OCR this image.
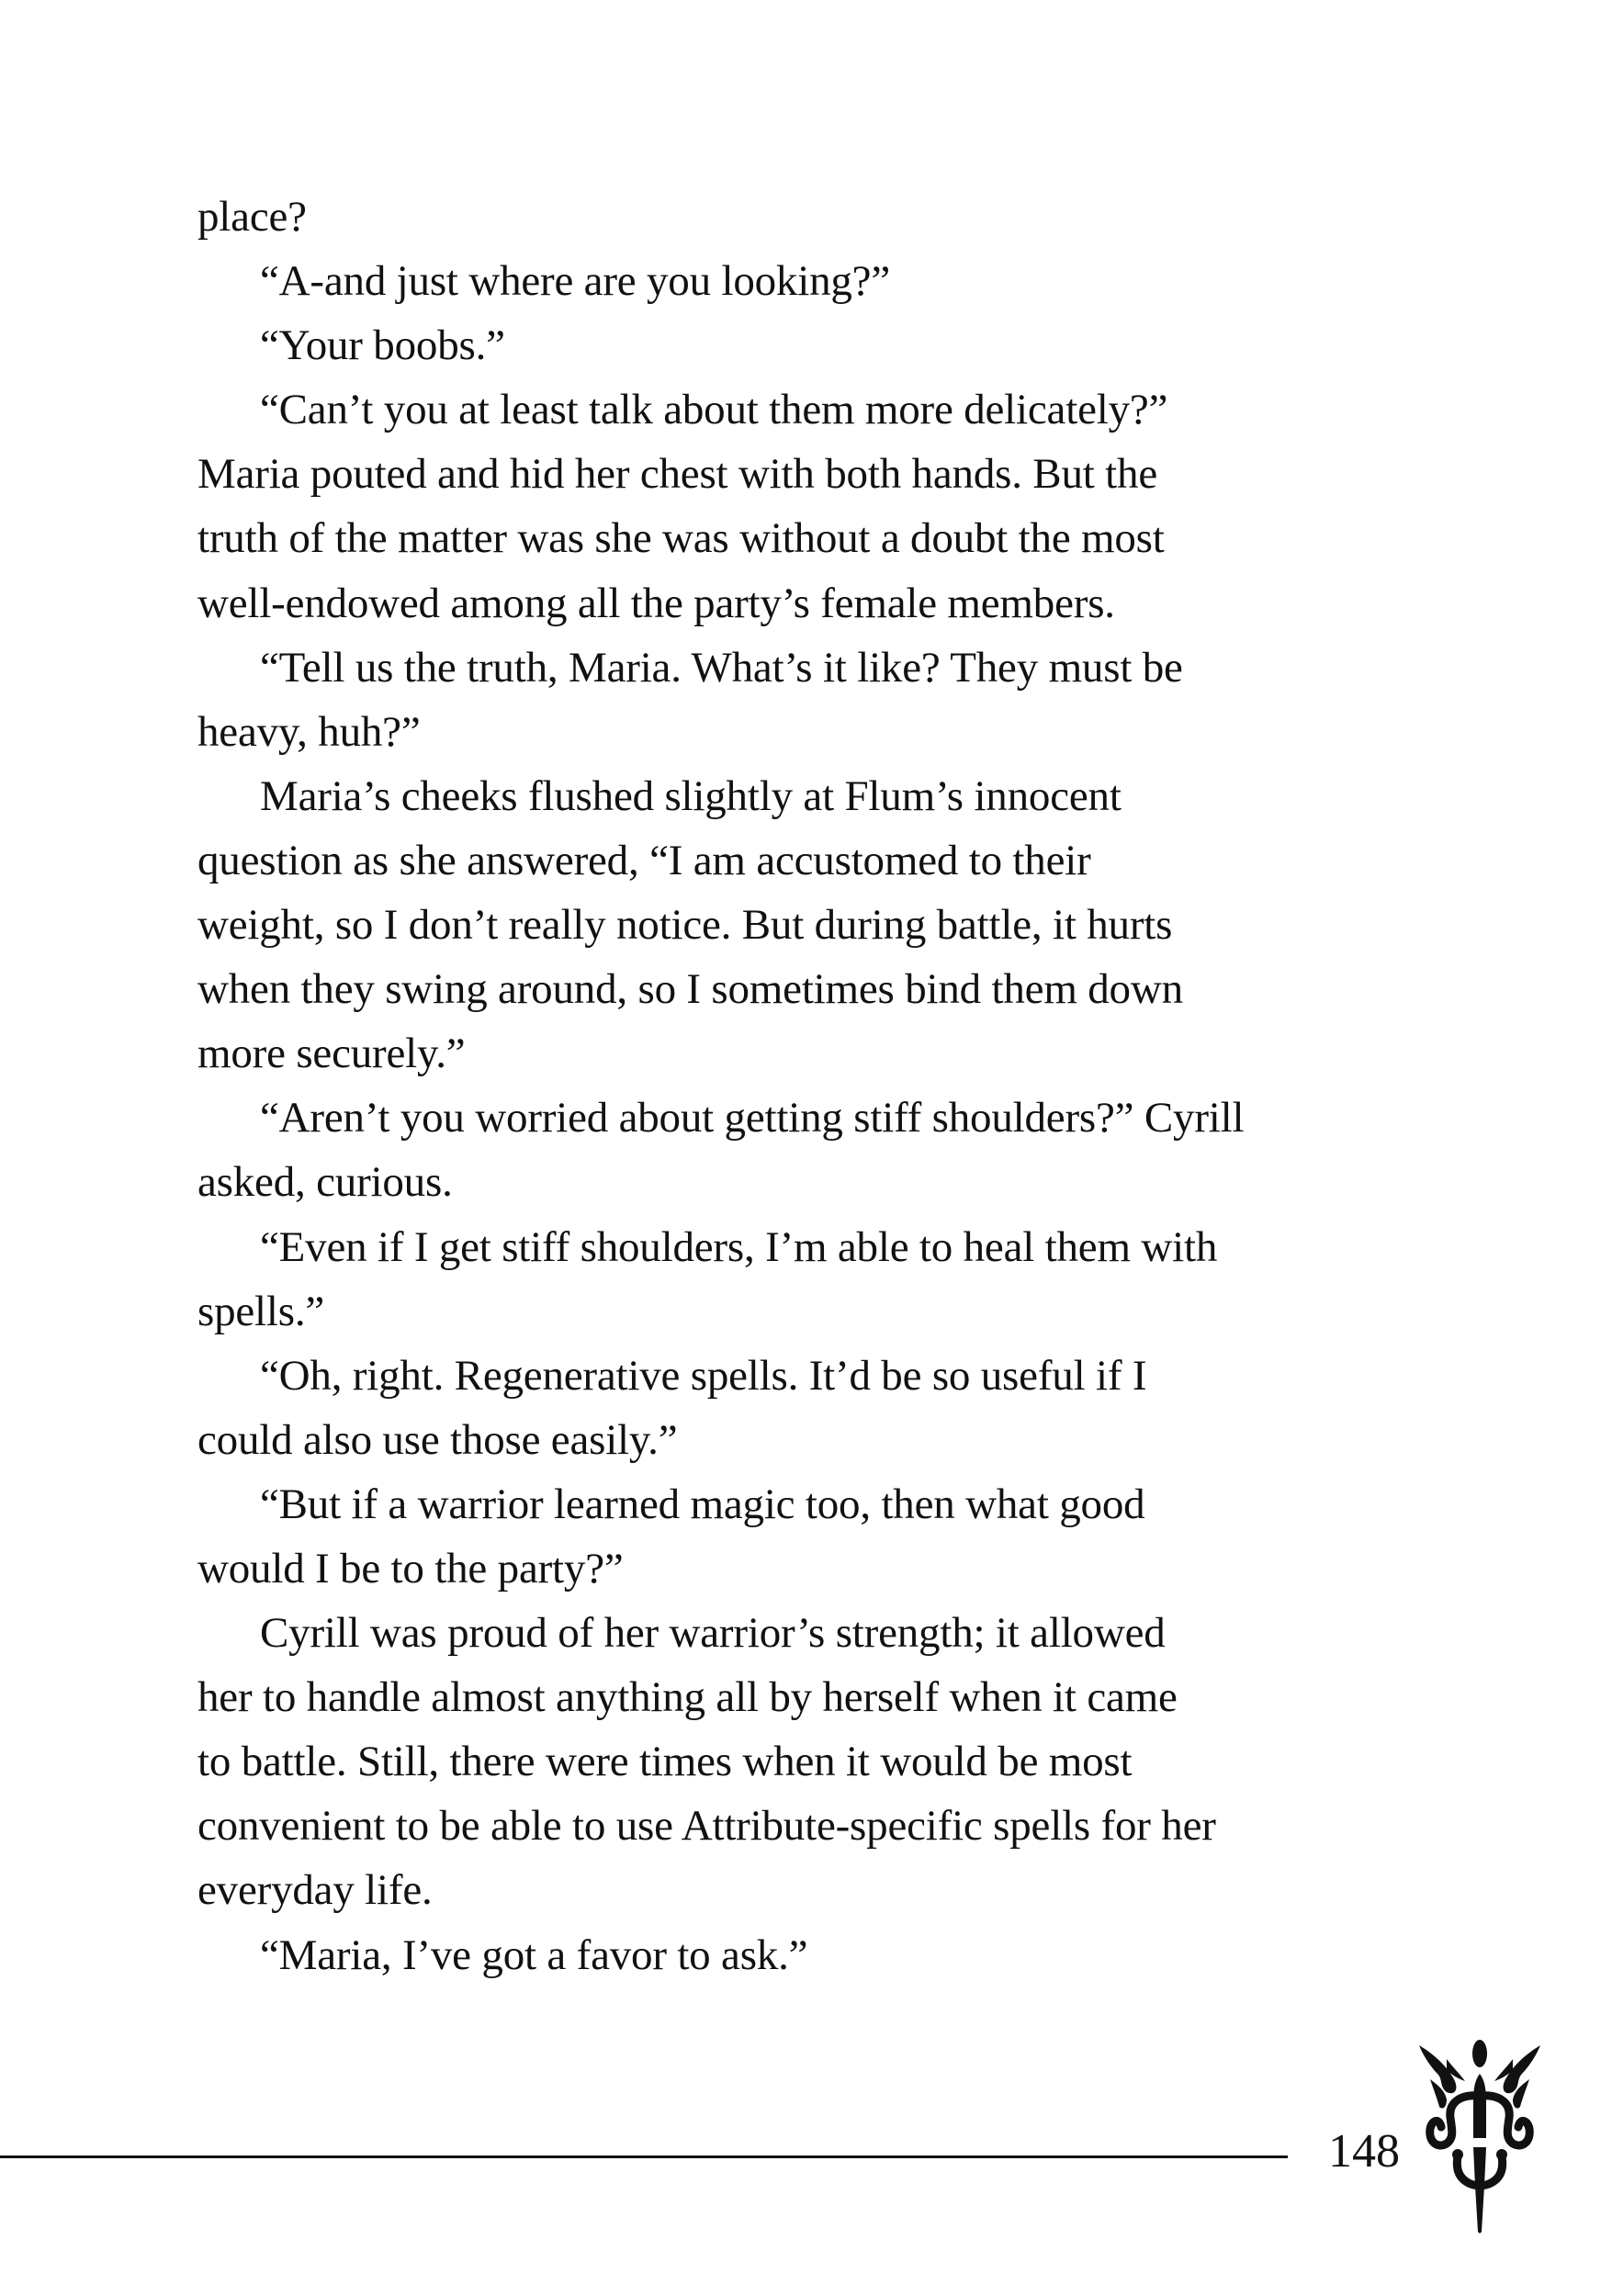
place?
“A-and just where are you looking?”
“Your boobs.”
“Can’t you at least talk about them more delicately?”
Maria pouted and hid her chest with both hands. But the
truth of the matter was she was without a doubt the most
well-endowed among all the party’s female members.
“Tell us the truth, Maria. What’s it like? They must be
heavy, huh?”
Maria’s cheeks flushed slightly at Flum’s innocent
question as she answered, “I am accustomed to their
weight, so I don’t really notice. But during battle, it hurts
when they swing around, so I sometimes bind them down
more securely.”
“Aren’t you worried about getting stiff shoulders?” Cyrill
asked, curious.
“Even if I get stiff shoulders, I’m able to heal them with
spells.”
“Oh, right. Regenerative spells. It’d be so useful if I
could also use those easily.”
“But if a warrior learned magic too, then what good
would I be to the party?”
Cyrill was proud of her warrior’s strength; it allowed
her to handle almost anything all by herself when it came
to battle. Still, there were times when it would be most
convenient to be able to use Attribute-specific spells for her
everyday life.
“Maria, I’ve got a favor to ask.”
148
